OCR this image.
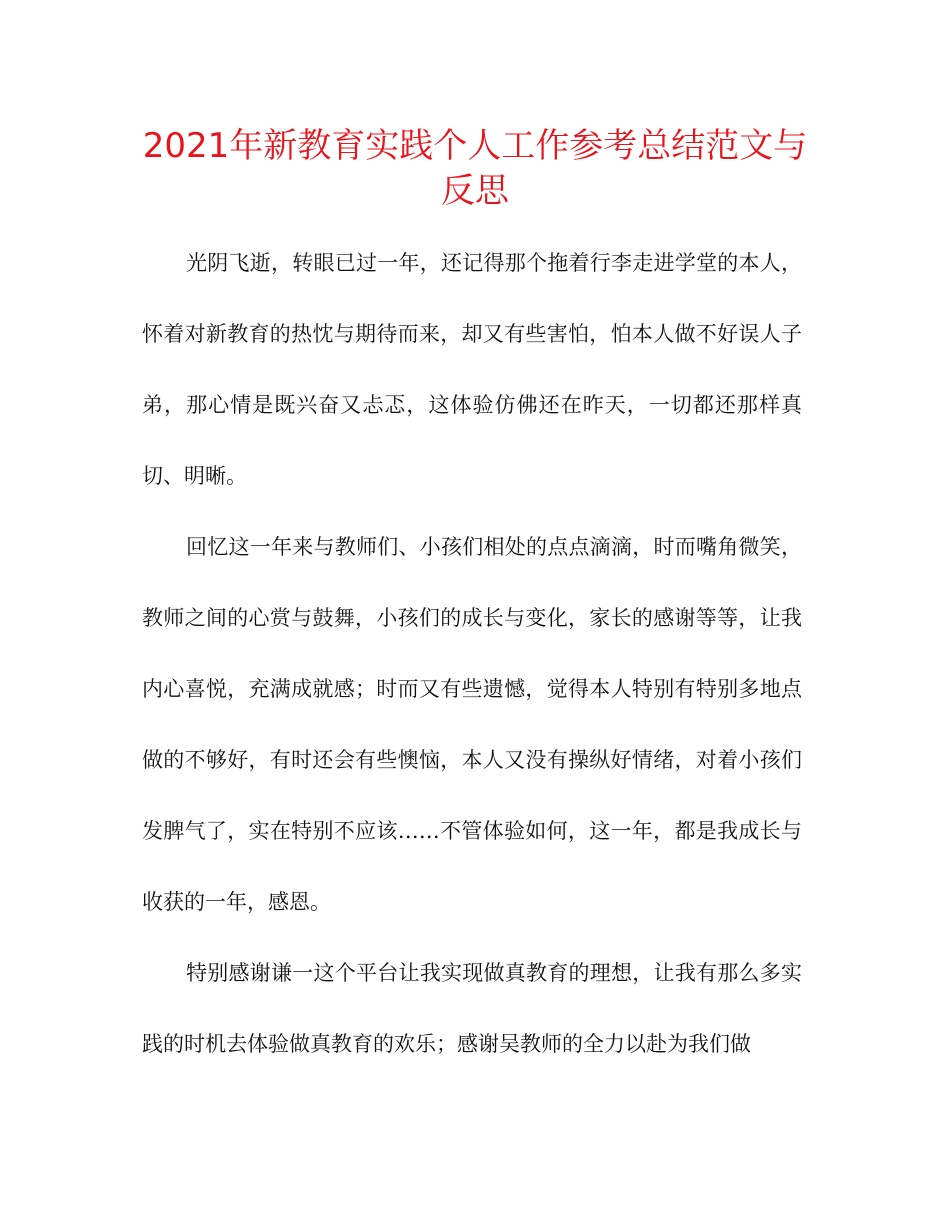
2021年新教育实践个人工作参考总结范文与反思

光阴飞逝，转眼已过一年，还记得那个拖着行李走进学堂的本人，怀着对新教育的热忱与期待而来，却又有些害怕，怕本人做不好误人子弟，那心情是既兴奋又忐忑，这体验仿佛还在昨天，一切都还那样真切、明晰。

回忆这一年来与教师们、小孩们相处的点点滴滴，时而嘴角微笑，教师之间的心赏与鼓舞，小孩们的成长与变化，家长的感谢等等，让我内心喜悦，充满成就感；时而又有些遗憾，觉得本人特别有特别多地点做的不够好，有时还会有些懊恼，本人又没有操纵好情绪，对着小孩们发脾气了，实在特别不应该……不管体验如何，这一年，都是我成长与收获的一年，感恩。

特别感谢谦一这个平台让我实现做真教育的理想，让我有那么多实践的时机去体验做真教育的欢乐；感谢吴教师的全力以赴为我们做
